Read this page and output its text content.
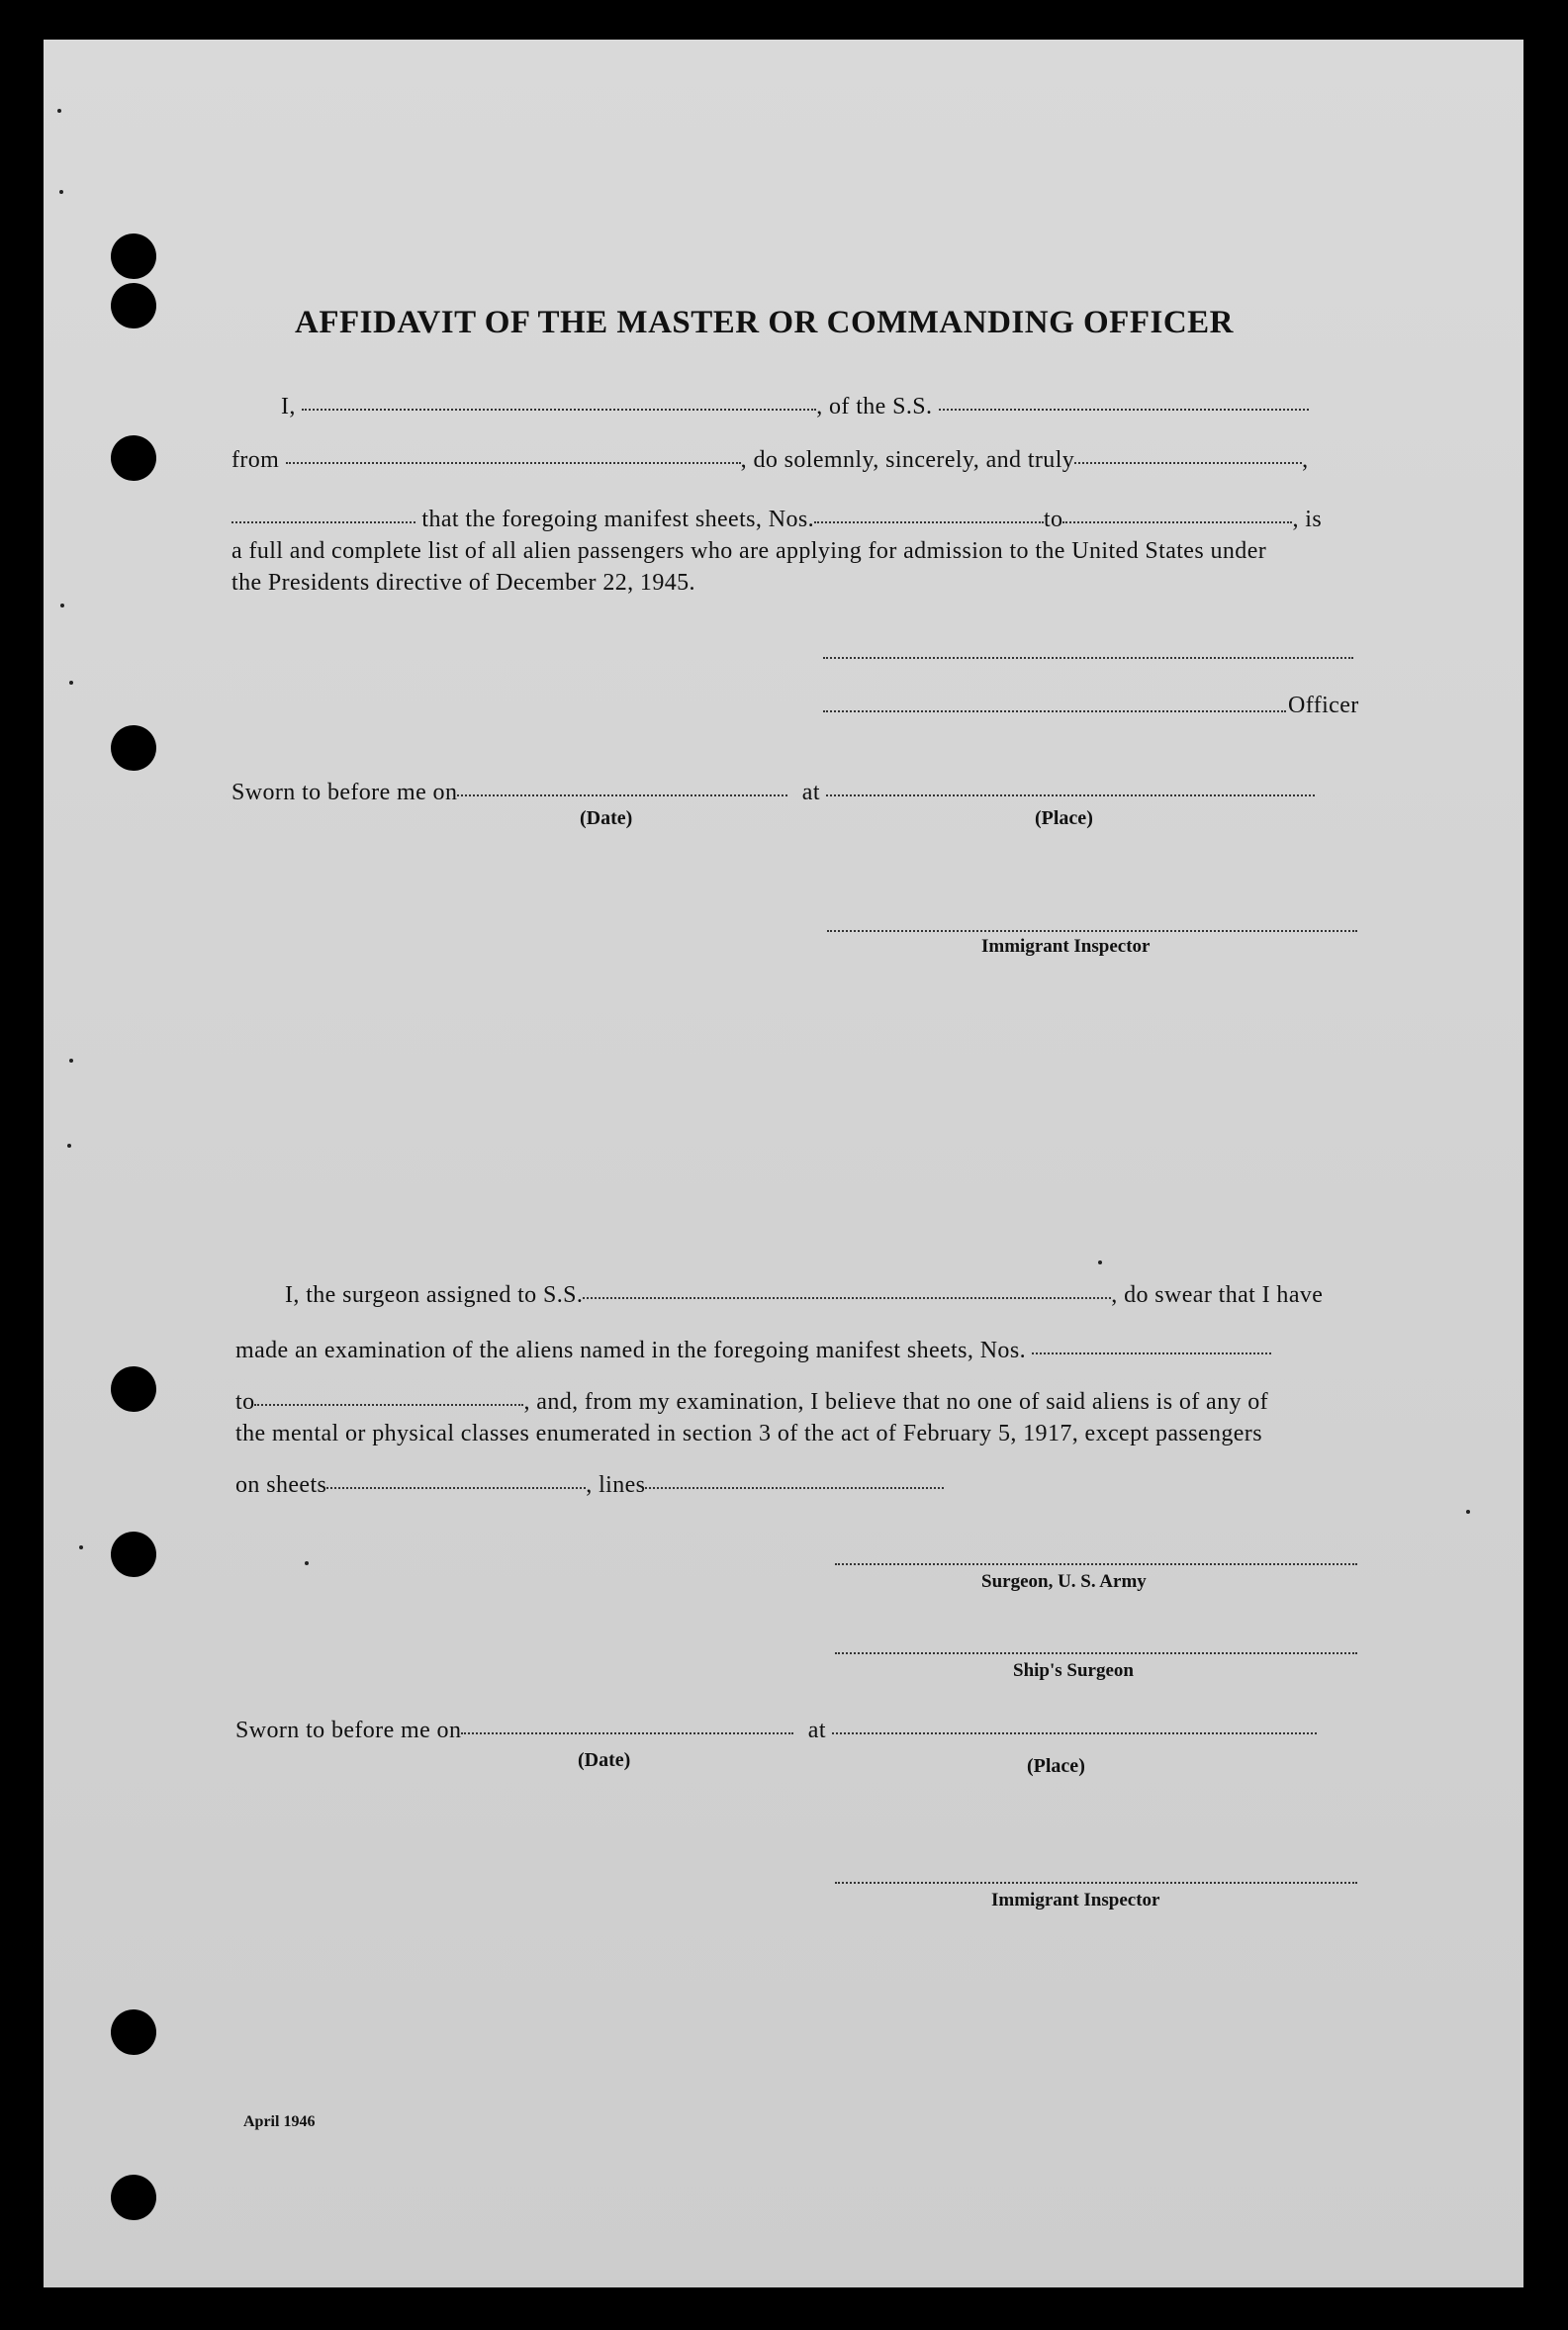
AFFIDAVIT OF THE MASTER OR COMMANDING OFFICER
I,	, of the S.S.
from	, do solemnly, sincerely, and truly	,
that the foregoing manifest sheets, Nos.	to	, is
a full and complete list of all alien passengers who are applying for admission to the United States under
the Presidents directive of December 22, 1945.
Officer
Sworn to before me on	at
(Date)	(Place)
Immigrant Inspector
I, the surgeon assigned to S.S.	, do swear that I have
made an examination of the aliens named in the foregoing manifest sheets, Nos.
to	, and, from my examination, I believe that no one of said aliens is of any of
the mental or physical classes enumerated in section 3 of the act of February 5, 1917, except passengers
on sheets	, lines
Surgeon, U. S. Army
Ship's Surgeon
Sworn to before me on	at
(Date)	(Place)
Immigrant Inspector
April 1946
